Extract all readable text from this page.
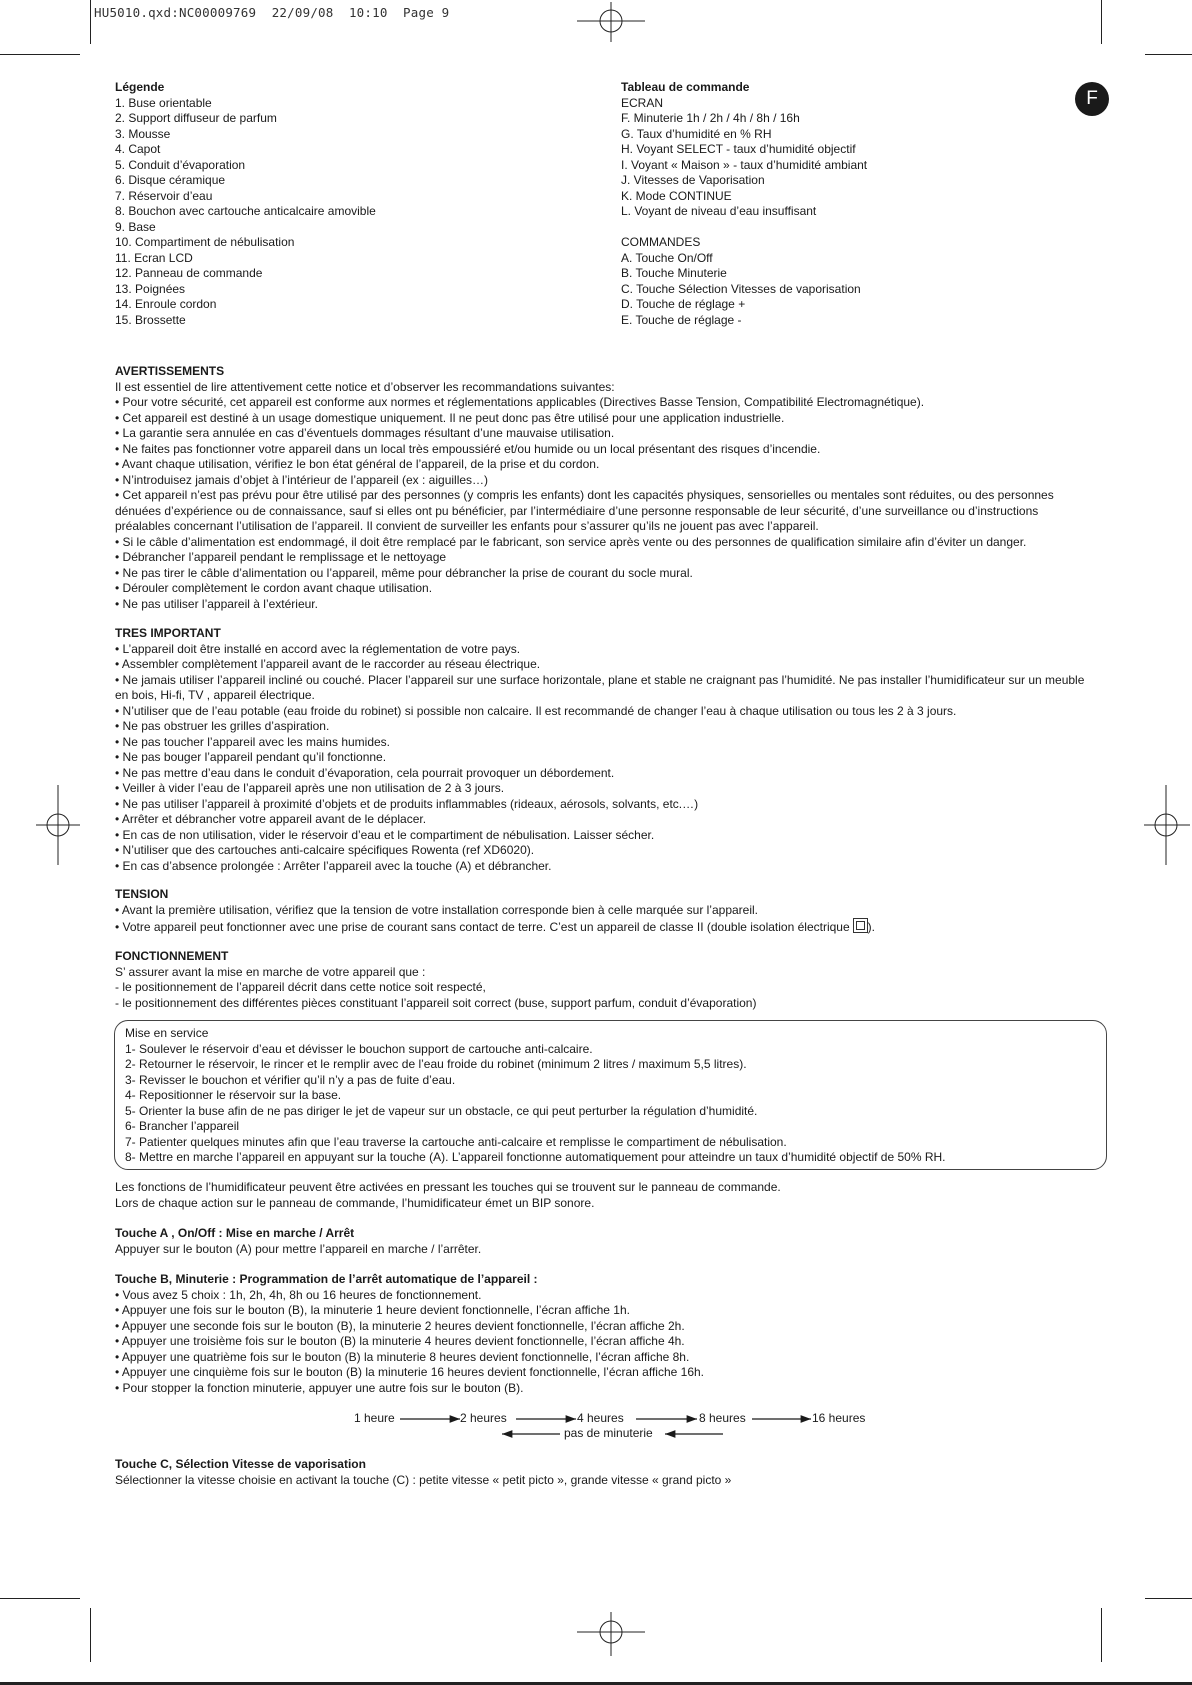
HU5010.qxd:NC00009769  22/09/08  10:10  Page 9
F
Légende
1. Buse orientable
2. Support diffuseur de parfum
3. Mousse
4. Capot
5. Conduit d’évaporation
6. Disque céramique
7. Réservoir d’eau
8. Bouchon avec cartouche anticalcaire amovible
9. Base
10. Compartiment de nébulisation
11. Ecran LCD
12. Panneau de commande
13. Poignées
14. Enroule cordon
15. Brossette
Tableau de commande
ECRAN
F. Minuterie 1h / 2h / 4h / 8h / 16h
G. Taux d’humidité en % RH
H. Voyant SELECT - taux d’humidité objectif
I. Voyant « Maison » - taux d’humidité ambiant
J. Vitesses de Vaporisation
K. Mode CONTINUE
L. Voyant de niveau d’eau insuffisant
COMMANDES
A. Touche On/Off
B. Touche Minuterie
C. Touche Sélection Vitesses de vaporisation
D. Touche de réglage +
E. Touche de réglage -
AVERTISSEMENTS
Il est essentiel de lire attentivement cette notice et d’observer les recommandations suivantes:
• Pour votre sécurité, cet appareil est conforme aux normes et réglementations applicables (Directives Basse Tension, Compatibilité Electromagnétique).
• Cet appareil est destiné à un usage domestique uniquement. Il ne peut donc pas être utilisé pour une application industrielle.
• La garantie sera annulée en cas d’éventuels dommages résultant d’une mauvaise utilisation.
• Ne faites pas fonctionner votre appareil dans un local très empoussiéré et/ou humide ou un local présentant des risques d’incendie.
• Avant chaque utilisation, vérifiez le bon état général de l’appareil, de la prise et du cordon.
• N’introduisez jamais d’objet à l’intérieur de l’appareil (ex : aiguilles…)
• Cet appareil n’est pas prévu pour être utilisé par des personnes (y compris les enfants) dont les capacités physiques, sensorielles ou mentales sont réduites, ou des personnes dénuées d’expérience ou de connaissance, sauf si elles ont pu bénéficier, par l’intermédiaire d’une personne responsable de leur sécurité, d’une surveillance ou d’instructions préalables concernant l’utilisation de l’appareil. Il convient de surveiller les enfants pour s’assurer qu’ils ne jouent pas avec l’appareil.
• Si le câble d’alimentation est endommagé, il doit être remplacé par le fabricant, son service après vente ou des personnes de qualification similaire afin d’éviter un danger.
• Débrancher l’appareil pendant le remplissage et le nettoyage
• Ne pas tirer le câble d’alimentation ou l’appareil, même pour débrancher la prise de courant du socle mural.
• Dérouler complètement le cordon avant chaque utilisation.
• Ne pas utiliser l’appareil à l’extérieur.
TRES IMPORTANT
• L’appareil doit être installé en accord avec la réglementation de votre pays.
• Assembler complètement l’appareil avant de le raccorder au réseau électrique.
• Ne jamais utiliser l’appareil incliné ou couché. Placer l’appareil sur une surface horizontale, plane et stable ne craignant pas l’humidité. Ne pas installer l’humidificateur sur un meuble en bois, Hi-fi, TV , appareil électrique.
• N’utiliser que de l’eau potable (eau froide du robinet) si possible non calcaire. Il est recommandé de changer l’eau à chaque utilisation ou tous les 2 à 3 jours.
• Ne pas obstruer les grilles d’aspiration.
• Ne pas toucher l’appareil avec les mains humides.
• Ne pas bouger l’appareil pendant qu’il fonctionne.
• Ne pas mettre d’eau dans le conduit d’évaporation, cela pourrait provoquer un débordement.
• Veiller à vider l’eau de l’appareil après une non utilisation de 2 à 3 jours.
• Ne pas utiliser l’appareil à proximité d’objets et de produits inflammables (rideaux, aérosols, solvants, etc.…)
• Arrêter et débrancher votre appareil avant de le déplacer.
• En cas de non utilisation, vider le réservoir d’eau et le compartiment de nébulisation. Laisser sécher.
• N’utiliser que des cartouches anti-calcaire spécifiques Rowenta (ref XD6020).
• En cas d’absence prolongée : Arrêter l’appareil avec la touche (A) et débrancher.
TENSION
• Avant la première utilisation, vérifiez que la tension de votre installation corresponde bien à celle marquée sur l’appareil.
• Votre appareil peut fonctionner avec une prise de courant sans contact de terre. C’est un appareil de classe II (double isolation électrique ).
FONCTIONNEMENT
S’ assurer avant la mise en marche de votre appareil que :
- le positionnement de l’appareil décrit dans cette notice soit respecté,
- le positionnement des différentes pièces constituant l’appareil soit correct (buse, support parfum, conduit d’évaporation)
Mise en service
1- Soulever le réservoir d’eau et dévisser le bouchon support de cartouche anti-calcaire.
2- Retourner le réservoir, le rincer et le remplir avec de l’eau froide du robinet (minimum 2 litres / maximum 5,5 litres).
3- Revisser le bouchon et vérifier qu’il n’y a pas de fuite d’eau.
4- Repositionner le réservoir sur la base.
5- Orienter la buse afin de ne pas diriger le jet de vapeur sur un obstacle, ce qui peut perturber la régulation d’humidité.
6- Brancher l’appareil
7- Patienter quelques minutes afin que l’eau traverse la cartouche anti-calcaire et remplisse le compartiment de nébulisation.
8- Mettre en marche l’appareil en appuyant sur la touche (A). L’appareil fonctionne automatiquement pour atteindre un taux d’humidité objectif de 50% RH.
Les fonctions de l’humidificateur peuvent être activées en pressant les touches qui se trouvent sur le panneau de commande.
Lors de chaque action sur le panneau de commande, l’humidificateur émet un BIP sonore.
Touche A , On/Off : Mise en marche / Arrêt
Appuyer sur le bouton (A) pour mettre l’appareil en marche / l’arrêter.
Touche B, Minuterie : Programmation de l’arrêt automatique de l’appareil :
• Vous avez 5 choix : 1h, 2h, 4h, 8h ou 16 heures de fonctionnement.
• Appuyer une fois sur le bouton (B), la minuterie 1 heure devient fonctionnelle, l’écran affiche 1h.
• Appuyer une seconde fois sur le bouton (B), la minuterie 2 heures devient fonctionnelle, l’écran affiche 2h.
• Appuyer une troisième fois sur le bouton (B) la minuterie 4 heures devient fonctionnelle, l’écran affiche 4h.
• Appuyer une quatrième fois sur le bouton (B) la minuterie 8 heures devient fonctionnelle, l’écran affiche 8h.
• Appuyer une cinquième fois sur le bouton (B) la minuterie 16 heures devient fonctionnelle, l’écran affiche 16h.
• Pour stopper la fonction minuterie, appuyer une autre fois sur le bouton (B).
1 heure	2 heures	4 heures	8 heures	16 heures
pas de minuterie
Touche C, Sélection Vitesse de vaporisation
Sélectionner la vitesse choisie en activant la touche (C) : petite vitesse « petit picto », grande vitesse « grand picto »
